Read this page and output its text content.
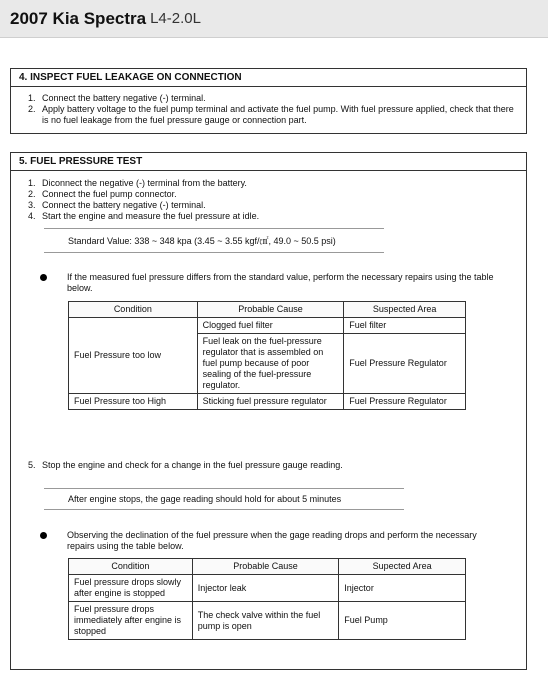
2007 Kia Spectra L4-2.0L
4. INSPECT FUEL LEAKAGE ON CONNECTION
1. Connect the battery negative (-) terminal.
2. Apply battery voltage to the fuel pump terminal and activate the fuel pump. With fuel pressure applied, check that there is no fuel leakage from the fuel pressure gauge or connection part.
5. FUEL PRESSURE TEST
1. Diconnect the negative (-) terminal from the battery.
2. Connect the fuel pump connector.
3. Connect the battery negative (-) terminal.
4. Start the engine and measure the fuel pressure at idle.
Standard Value: 338 ~ 348 kpa (3.45 ~ 3.55 kgf/㎠, 49.0 ~ 50.5 psi)
If the measured fuel pressure differs from the standard value, perform the necessary repairs using the table below.
Condition	Probable Cause	Suspected Area
Fuel Pressure too low	Clogged fuel filter	Fuel filter
	Fuel leak on the fuel-pressure regulator that is assembled on fuel pump because of poor sealing of the fuel-pressure regulator.	Fuel Pressure Regulator
Fuel Pressure too High	Sticking fuel pressure regulator	Fuel Pressure Regulator
5. Stop the engine and check for a change in the fuel pressure gauge reading.
After engine stops, the gage reading should hold for about 5 minutes
Observing the declination of the fuel pressure when the gage reading drops and perform the necessary repairs using the table below.
Condition	Probable Cause	Supected Area
Fuel pressure drops slowly after engine is stopped	Injector leak	Injector
Fuel pressure drops immediately after engine is stopped	The check valve within the fuel pump is open	Fuel Pump
